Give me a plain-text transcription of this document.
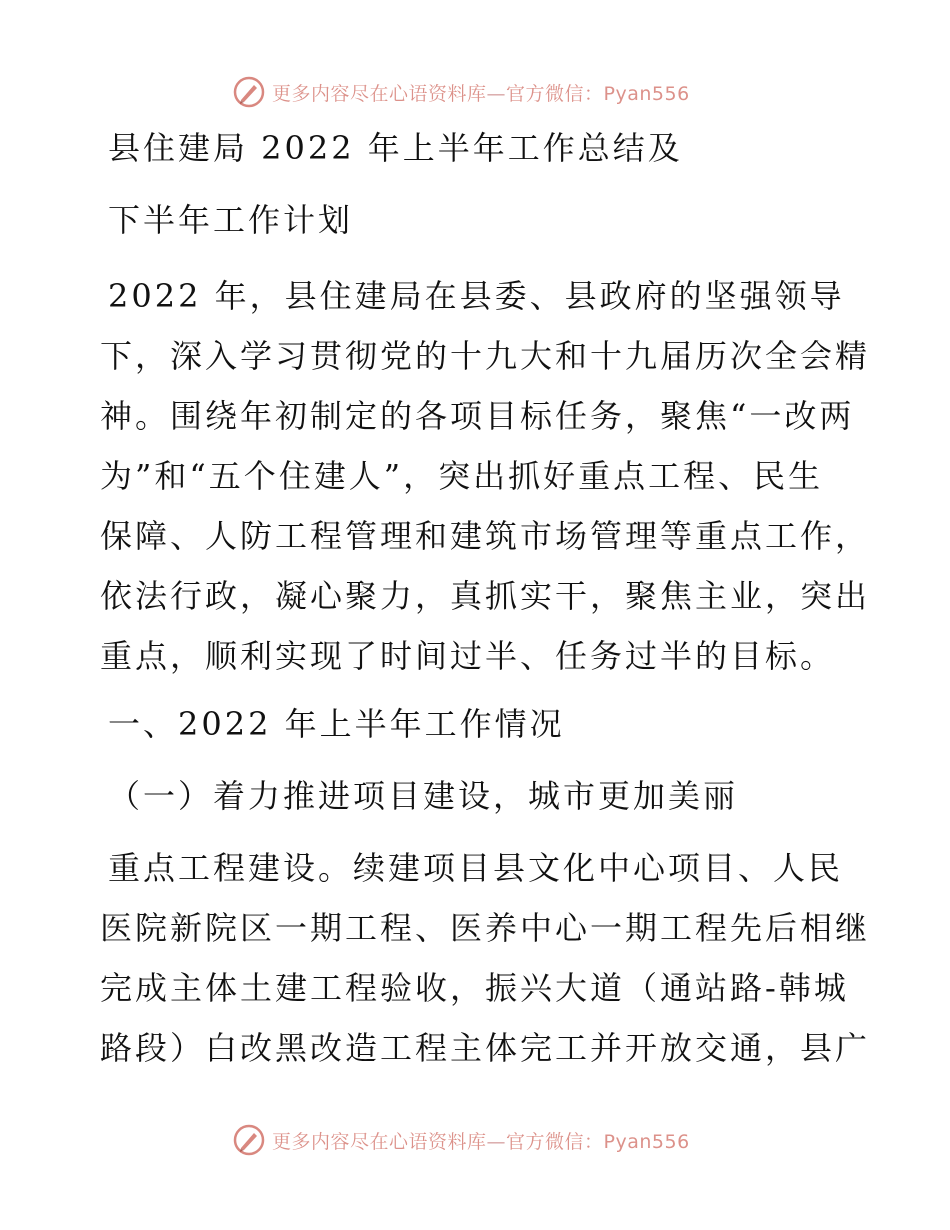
更多内容尽在心语资料库—官方微信：Pyan556
县住建局 2022 年上半年工作总结及
下半年工作计划
2022 年，县住建局在县委、县政府的坚强领导
下，深入学习贯彻党的十九大和十九届历次全会精
神。围绕年初制定的各项目标任务，聚焦“一改两
为”和“五个住建人”，突出抓好重点工程、民生
保障、人防工程管理和建筑市场管理等重点工作，
依法行政，凝心聚力，真抓实干，聚焦主业，突出
重点，顺利实现了时间过半、任务过半的目标。
一、2022 年上半年工作情况
（一）着力推进项目建设，城市更加美丽
重点工程建设。续建项目县文化中心项目、人民
医院新院区一期工程、医养中心一期工程先后相继
完成主体土建工程验收，振兴大道（通站路-韩城
路段）白改黑改造工程主体完工并开放交通，县广
更多内容尽在心语资料库—官方微信：Pyan556
